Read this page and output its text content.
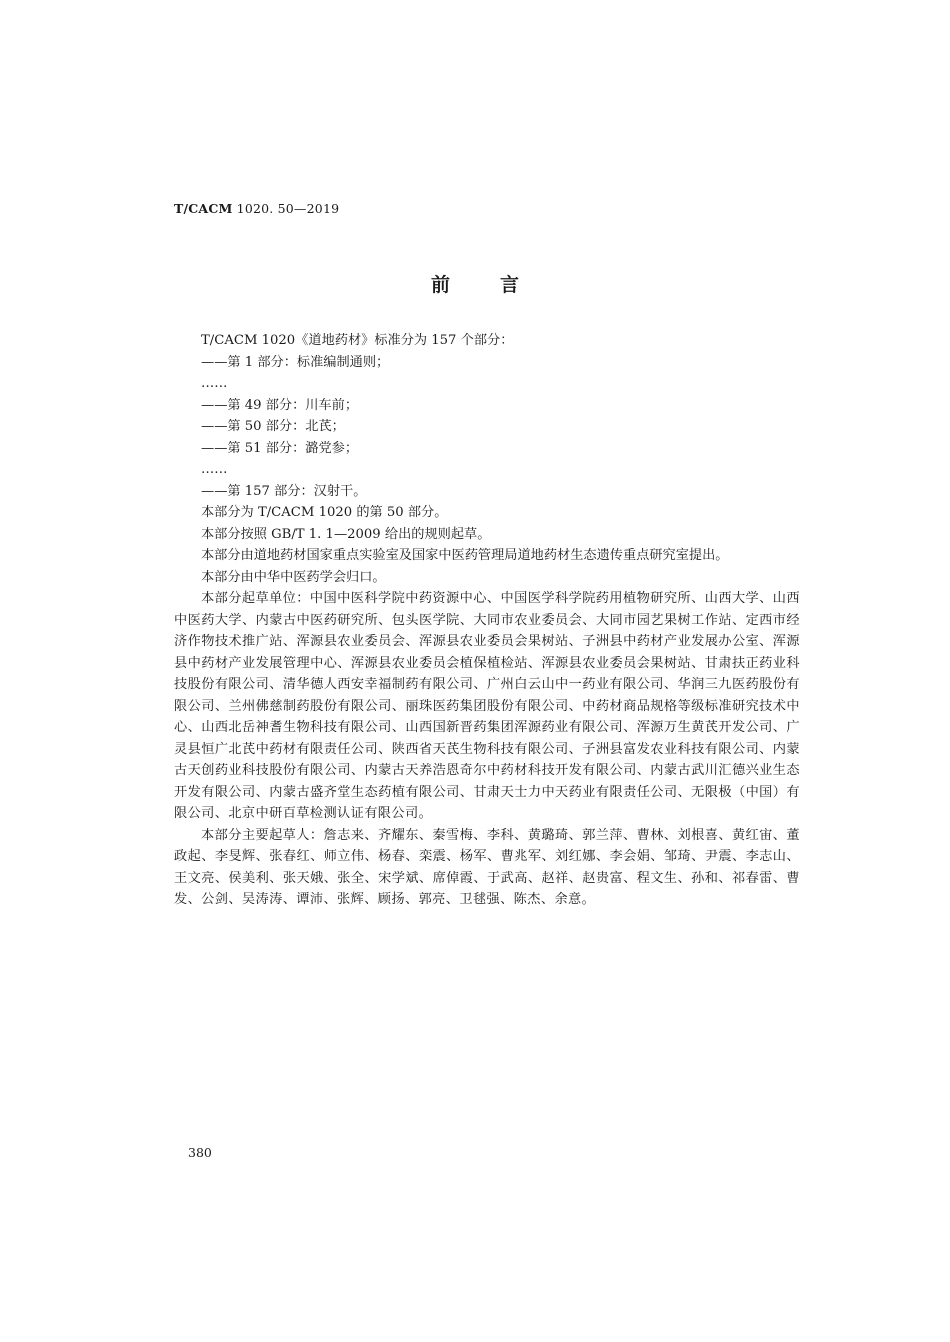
T/CACM 1020. 50—2019
前言

T/CACM 1020《道地药材》标准分为 157 个部分：

——第 1 部分：标准编制通则；

……

——第 49 部分：川车前；

——第 50 部分：北芪；

——第 51 部分：潞党参；

……

——第 157 部分：汉射干。

本部分为 T/CACM 1020 的第 50 部分。

本部分按照 GB/T 1. 1—2009 给出的规则起草。

本部分由道地药材国家重点实验室及国家中医药管理局道地药材生态遗传重点研究室提出。

本部分由中华中医药学会归口。

本部分起草单位：中国中医科学院中药资源中心、中国医学科学院药用植物研究所、山西大学、山西中医药大学、内蒙古中医药研究所、包头医学院、大同市农业委员会、大同市园艺果树工作站、定西市经济作物技术推广站、浑源县农业委员会、浑源县农业委员会果树站、子洲县中药材产业发展办公室、浑源县中药材产业发展管理中心、浑源县农业委员会植保植检站、浑源县农业委员会果树站、甘肃扶正药业科技股份有限公司、清华德人西安幸福制药有限公司、广州白云山中一药业有限公司、华润三九医药股份有限公司、兰州佛慈制药股份有限公司、丽珠医药集团股份有限公司、中药材商品规格等级标准研究技术中心、山西北岳神耆生物科技有限公司、山西国新晋药集团浑源药业有限公司、浑源万生黄芪开发公司、广灵县恒广北芪中药材有限责任公司、陕西省天芪生物科技有限公司、子洲县富发农业科技有限公司、内蒙古天创药业科技股份有限公司、内蒙古天养浩恩奇尔中药材科技开发有限公司、内蒙古武川汇德兴业生态开发有限公司、内蒙古盛齐堂生态药植有限公司、甘肃天士力中天药业有限责任公司、无限极（中国）有限公司、北京中研百草检测认证有限公司。

本部分主要起草人：詹志来、齐耀东、秦雪梅、李科、黄璐琦、郭兰萍、曹林、刘根喜、黄红宙、董政起、李旻辉、张春红、师立伟、杨春、栾震、杨军、曹兆军、刘红娜、李会娟、邹琦、尹震、李志山、王文亮、侯美利、张天娥、张全、宋学斌、席倬霞、于武高、赵祥、赵贵富、程文生、孙和、祁春雷、曹发、公剑、吴涛涛、谭沛、张辉、顾扬、郭亮、卫毬强、陈杰、余意。

380
